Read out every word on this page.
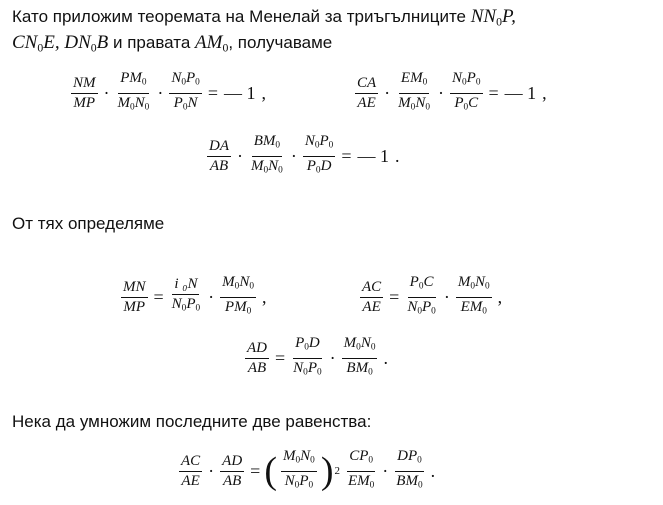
Като приложим теоремата на Менелай за триъгълниците $NN_0P$,
$CN_0E$, $DN_0B$ и правата $AM_0$, получаваме
$\frac{NM}{MP} \cdot \frac{PM_0}{M_0N_0} \cdot \frac{N_0P_0}{P_0N}$ = — 1 ,	$\frac{CA}{AE} \cdot \frac{EM_0}{M_0N_0} \cdot \frac{N_0P_0}{P_0C}$ = — 1 ,
$\frac{DA}{AB} \cdot \frac{BM_0}{M_0N_0} \cdot \frac{N_0P_0}{P_0D}$ = — 1 .
От тях определяме
$\frac{MN}{MP} = \frac{\text{i ₀N}}{N_0P_0} \cdot \frac{M_0N_0}{PM_0}$ ,	$\frac{AC}{AE} = \frac{P_0C}{N_0P_0} \cdot \frac{M_0N_0}{EM_0}$ ,
$\frac{AD}{AB} = \frac{P_0D}{N_0P_0} \cdot \frac{M_0N_0}{BM_0}$ .
Нека да умножим последните две равенства:
$\frac{AC}{AE} \cdot \frac{AD}{AB}$ = ( $\frac{M_0N_0}{N_0P_0}$ ) $2 \frac{CP_0}{EM_0} \cdot \frac{DP_0}{BM_0}$ .
